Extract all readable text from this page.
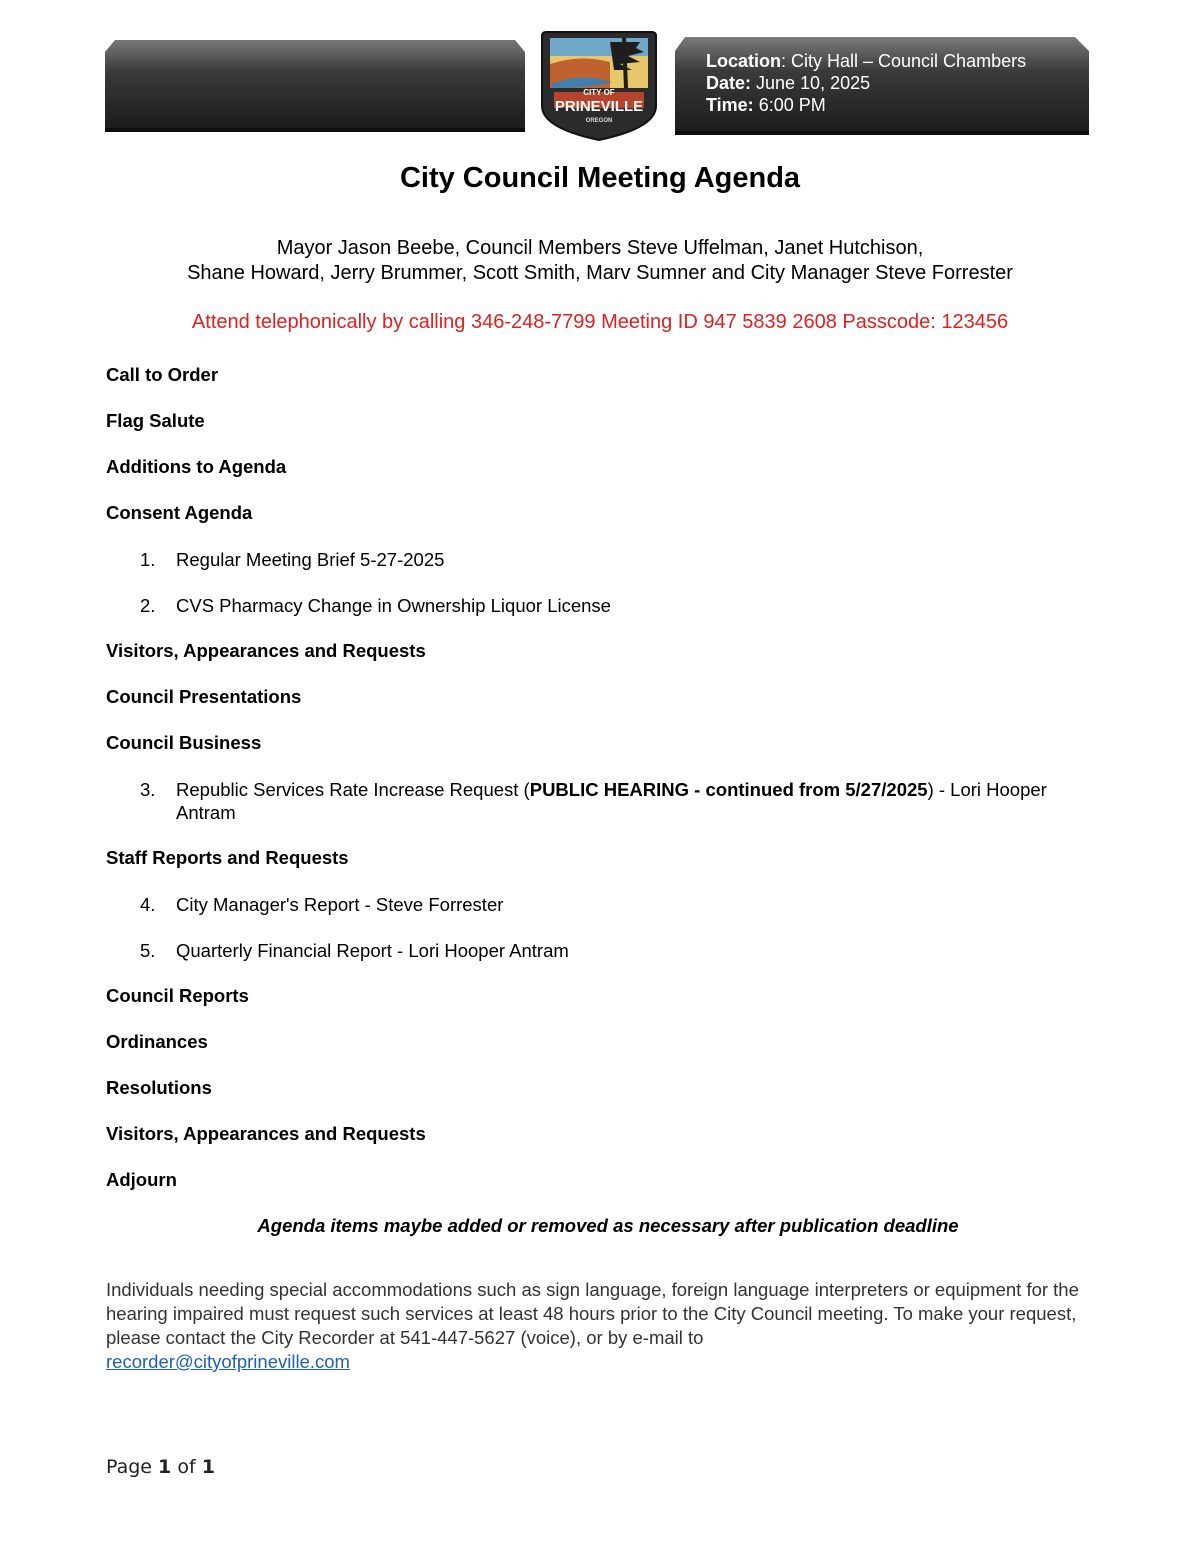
Location: City Hall – Council Chambers
Date: June 10, 2025
Time: 6:00 PM
CITY OF
PRINEVILLE
OREGON
City Council Meeting Agenda
Mayor Jason Beebe, Council Members Steve Uffelman, Janet Hutchison,
Shane Howard, Jerry Brummer, Scott Smith, Marv Sumner and City Manager Steve Forrester
Attend telephonically by calling 346-248-7799 Meeting ID 947 5839 2608 Passcode: 123456
Call to Order
Flag Salute
Additions to Agenda
Consent Agenda
1. Regular Meeting Brief 5-27-2025
2. CVS Pharmacy Change in Ownership Liquor License
Visitors, Appearances and Requests
Council Presentations
Council Business
3. Republic Services Rate Increase Request (PUBLIC HEARING - continued from 5/27/2025) - Lori Hooper Antram
Staff Reports and Requests
4. City Manager's Report - Steve Forrester
5. Quarterly Financial Report - Lori Hooper Antram
Council Reports
Ordinances
Resolutions
Visitors, Appearances and Requests
Adjourn
Agenda items maybe added or removed as necessary after publication deadline
Individuals needing special accommodations such as sign language, foreign language interpreters or equipment for the hearing impaired must request such services at least 48 hours prior to the City Council meeting. To make your request, please contact the City Recorder at 541-447-5627 (voice), or by e-mail to
recorder@cityofprineville.com
Page 1 of 1
